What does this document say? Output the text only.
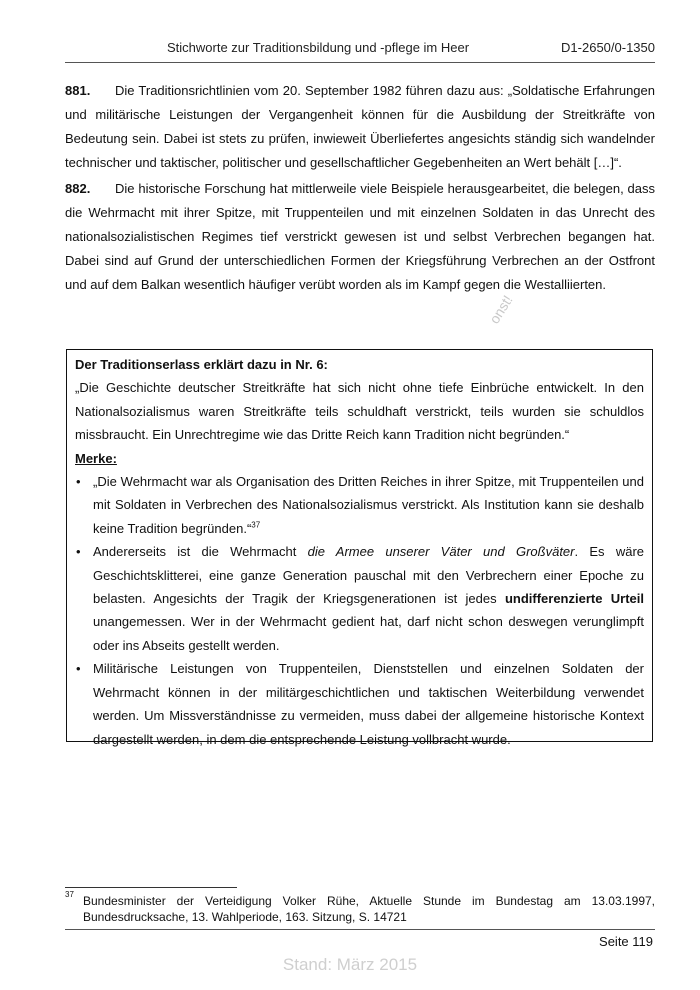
Stichworte zur Traditionsbildung und -pflege im Heer	D1-2650/0-1350

881. Die Traditionsrichtlinien vom 20. September 1982 führen dazu aus: „Soldatische Erfahrungen und militärische Leistungen der Vergangenheit können für die Ausbildung der Streitkräfte von Bedeutung sein. Dabei ist stets zu prüfen, inwieweit Überliefertes angesichts ständig sich wandelnder technischer und taktischer, politischer und gesellschaftlicher Gegebenheiten an Wert behält […]“.

882. Die historische Forschung hat mittlerweile viele Beispiele herausgearbeitet, die belegen, dass die Wehrmacht mit ihrer Spitze, mit Truppenteilen und mit einzelnen Soldaten in das Unrecht des nationalsozialistischen Regimes tief verstrickt gewesen ist und selbst Verbrechen begangen hat. Dabei sind auf Grund der unterschiedlichen Formen der Kriegsführung Verbrechen an der Ostfront und auf dem Balkan wesentlich häufiger verübt worden als im Kampf gegen die Westalliierten.

onst!

Der Traditionserlass erklärt dazu in Nr. 6:

„Die Geschichte deutscher Streitkräfte hat sich nicht ohne tiefe Einbrüche entwickelt. In den Nationalsozialismus waren Streitkräfte teils schuldhaft verstrickt, teils wurden sie schuldlos missbraucht. Ein Unrechtregime wie das Dritte Reich kann Tradition nicht begründen.“

Merke:

• „Die Wehrmacht war als Organisation des Dritten Reiches in ihrer Spitze, mit Truppenteilen und mit Soldaten in Verbrechen des Nationalsozialismus verstrickt. Als Institution kann sie deshalb keine Tradition begründen.“$^{37}$
• Andererseits ist die Wehrmacht die Armee unserer Väter und Großväter. Es wäre Geschichtsklitterei, eine ganze Generation pauschal mit den Verbrechern einer Epoche zu belasten. Angesichts der Tragik der Kriegsgenerationen ist jedes undifferenzierte Urteil unangemessen. Wer in der Wehrmacht gedient hat, darf nicht schon deswegen verunglimpft oder ins Abseits gestellt werden.
• Militärische Leistungen von Truppenteilen, Dienststellen und einzelnen Soldaten der Wehrmacht können in der militärgeschichtlichen und taktischen Weiterbildung verwendet werden. Um Missverständnisse zu vermeiden, muss dabei der allgemeine historische Kontext dargestellt werden, in dem die entsprechende Leistung vollbracht wurde.
37 Bundesminister der Verteidigung Volker Rühe, Aktuelle Stunde im Bundestag am 13.03.1997, Bundesdrucksache, 13. Wahlperiode, 163. Sitzung, S. 14721
Seite 119
Stand: März 2015
